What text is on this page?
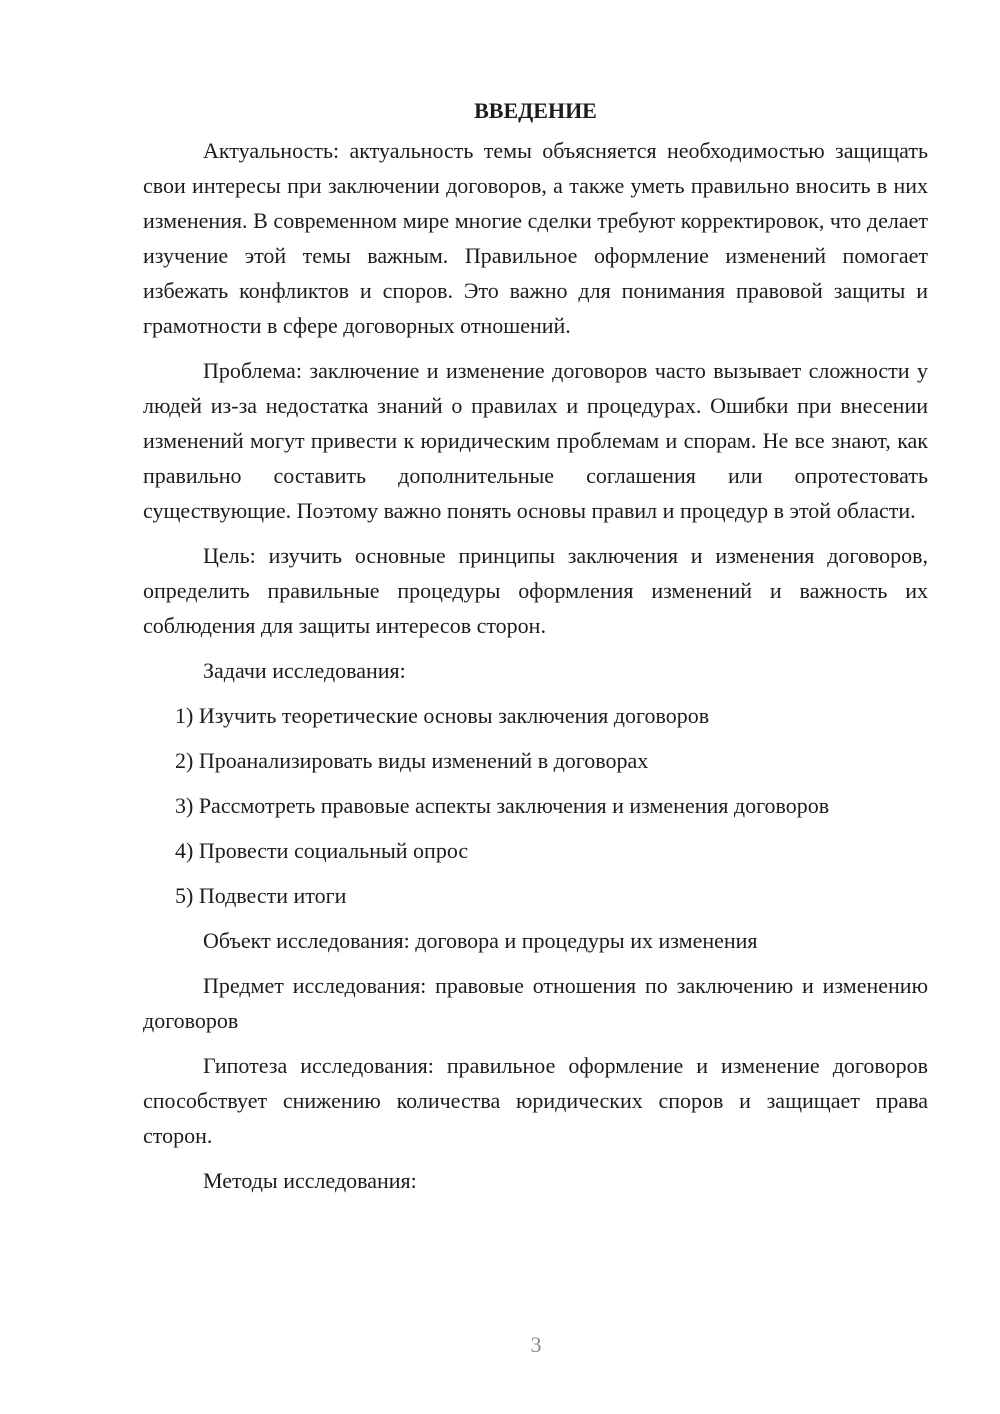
ВВЕДЕНИЕ

Актуальность: актуальность темы объясняется необходимостью защищать свои интересы при заключении договоров, а также уметь правильно вносить в них изменения. В современном мире многие сделки требуют корректировок, что делает изучение этой темы важным. Правильное оформление изменений помогает избежать конфликтов и споров. Это важно для понимания правовой защиты и грамотности в сфере договорных отношений.

Проблема: заключение и изменение договоров часто вызывает сложности у людей из-за недостатка знаний о правилах и процедурах. Ошибки при внесении изменений могут привести к юридическим проблемам и спорам. Не все знают, как правильно составить дополнительные соглашения или опротестовать существующие. Поэтому важно понять основы правил и процедур в этой области.

Цель: изучить основные принципы заключения и изменения договоров, определить правильные процедуры оформления изменений и важность их соблюдения для защиты интересов сторон.

Задачи исследования:
1) Изучить теоретические основы заключения договоров
2) Проанализировать виды изменений в договорах
3) Рассмотреть правовые аспекты заключения и изменения договоров
4) Провести социальный опрос
5) Подвести итоги
Объект исследования: договора и процедуры их изменения

Предмет исследования: правовые отношения по заключению и изменению договоров

Гипотеза исследования: правильное оформление и изменение договоров способствует снижению количества юридических споров и защищает права сторон.

Методы исследования:
3
